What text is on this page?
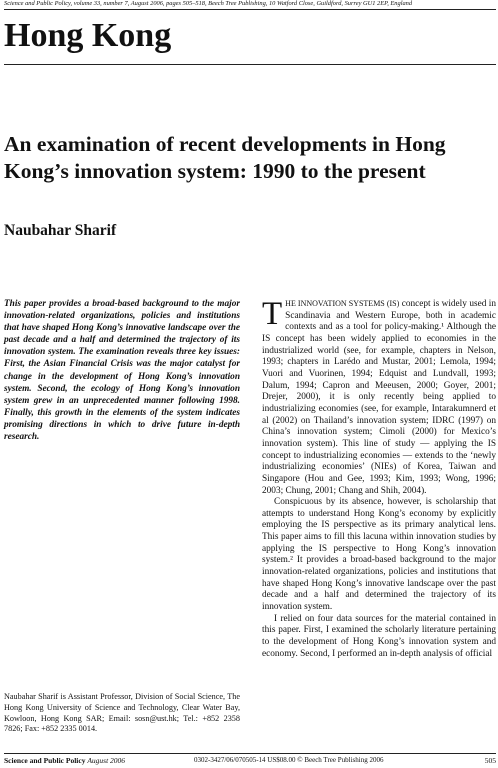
Science and Public Policy, volume 33, number 7, August 2006, pages 505–518, Beech Tree Publishing, 10 Watford Close, Guildford, Surrey GU1 2EP, England
Hong Kong
An examination of recent developments in Hong Kong’s innovation system: 1990 to the present
Naubahar Sharif
This paper provides a broad-based background to the major innovation-related organizations, policies and institutions that have shaped Hong Kong’s innovative landscape over the past decade and a half and determined the trajectory of its innovation system. The examination reveals three key issues: First, the Asian Financial Crisis was the major catalyst for change in the development of Hong Kong’s innovation system. Second, the ecology of Hong Kong’s innovation system grew in an unprecedented manner following 1998. Finally, this growth in the elements of the system indicates promising directions in which to drive future in-depth research.
Naubahar Sharif is Assistant Professor, Division of Social Science, The Hong Kong University of Science and Technology, Clear Water Bay, Kowloon, Hong Kong SAR; Email: sosn@ust.hk; Tel.: +852 2358 7826; Fax: +852 2335 0014.

THE INNOVATION SYSTEMS (IS) concept is widely used in Scandinavia and Western Europe, both in academic contexts and as a tool for policy-making.¹ Although the IS concept has been widely applied to economies in the industrialized world (see, for example, chapters in Nelson, 1993; chapters in Larédo and Mustar, 2001; Lemola, 1994; Vuori and Vuorinen, 1994; Edquist and Lundvall, 1993; Dalum, 1994; Capron and Meeusen, 2000; Goyer, 2001; Drejer, 2000), it is only recently being applied to industrializing economies (see, for example, Intarakumnerd et al (2002) on Thailand’s innovation system; IDRC (1997) on China’s innovation system; Cimoli (2000) for Mexico’s innovation system). This line of study — applying the IS concept to industrializing economies — extends to the ‘newly industrializing economies’ (NIEs) of Korea, Taiwan and Singapore (Hou and Gee, 1993; Kim, 1993; Wong, 1996; 2003; Chung, 2001; Chang and Shih, 2004).

Conspicuous by its absence, however, is scholarship that attempts to understand Hong Kong’s economy by explicitly employing the IS perspective as its primary analytical lens. This paper aims to fill this lacuna within innovation studies by applying the IS perspective to Hong Kong’s innovation system.² It provides a broad-based background to the major innovation-related organizations, policies and institutions that have shaped Hong Kong’s innovative landscape over the past decade and a half and determined the trajectory of its innovation system.

I relied on four data sources for the material contained in this paper. First, I examined the scholarly literature pertaining to the development of Hong Kong’s innovation system and economy. Second, I performed an in-depth analysis of official

Science and Public Policy August 2006	0302-3427/06/070505-14 US$08.00 © Beech Tree Publishing 2006	505
